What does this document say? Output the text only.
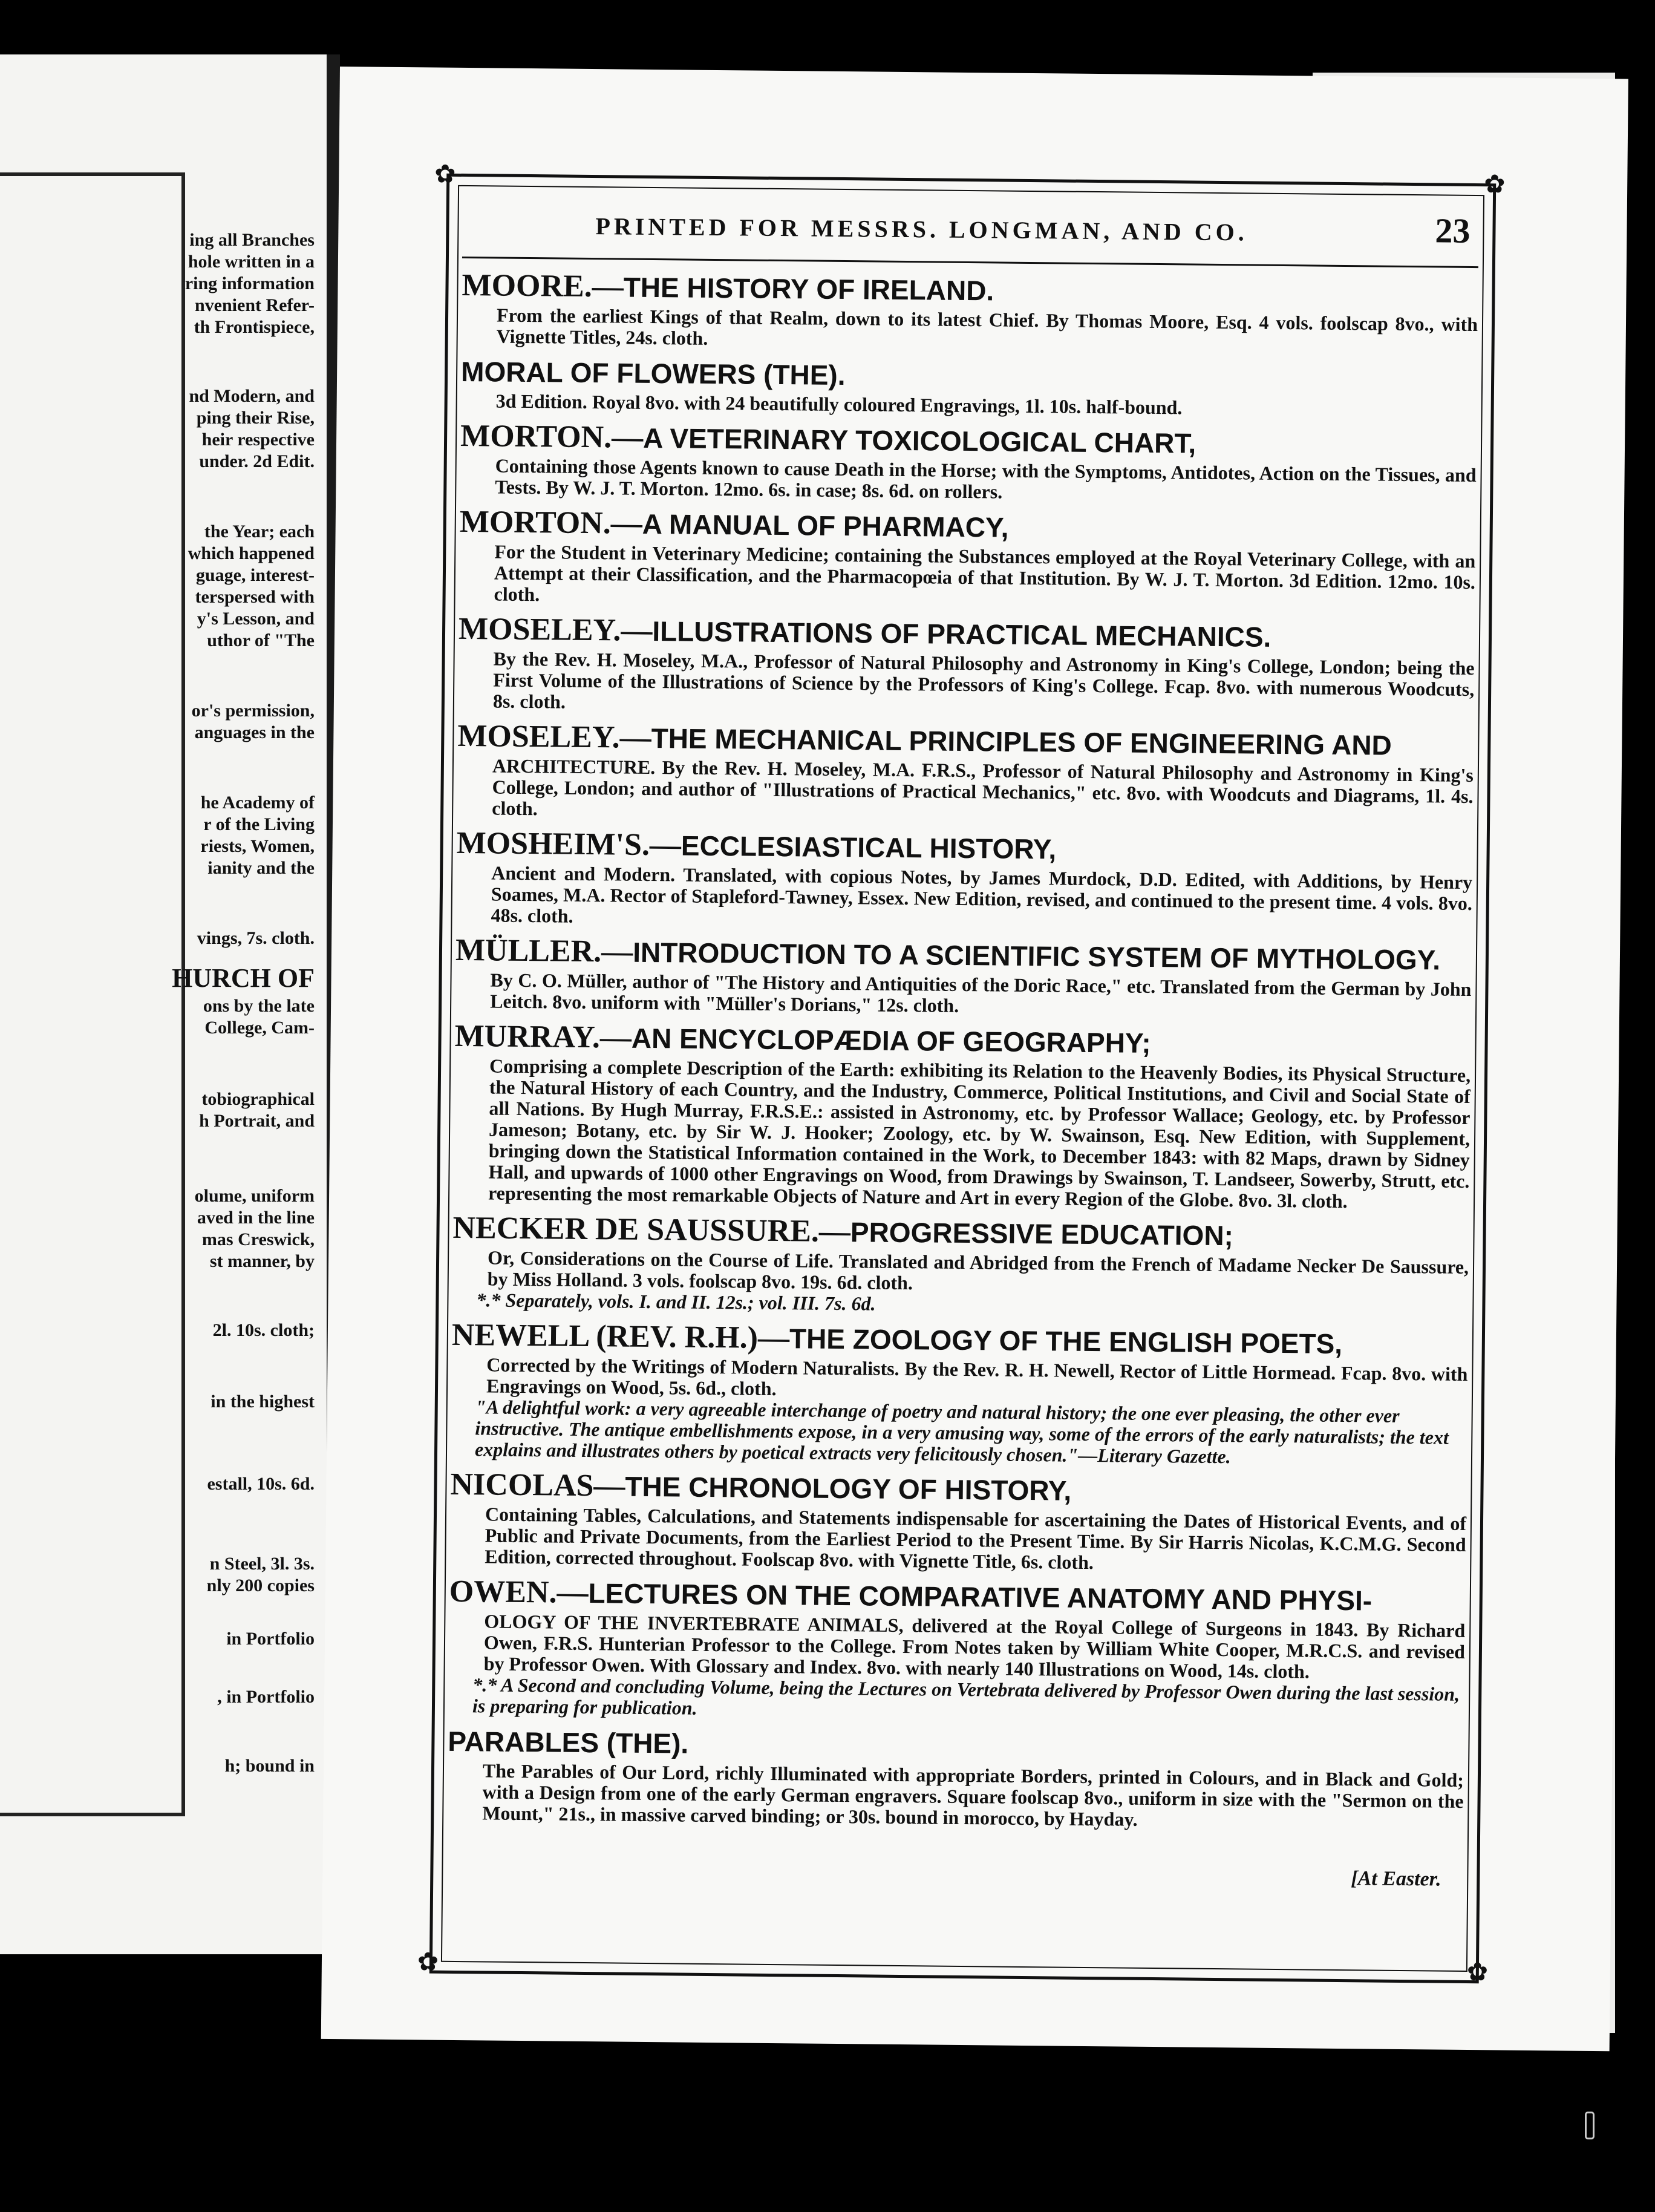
ing all Branches
hole written in a
ring information
nvenient Refer-
th Frontispiece,
nd Modern, and
ping their Rise,
heir respective
under. 2d Edit.
the Year; each
which happened
guage, interest-
terspersed with
y's Lesson, and
uthor of "The
or's permission,
anguages in the
he Academy of
r of the Living
riests, Women,
ianity and the
vings, 7s. cloth.
HURCH OF
ons by the late
College, Cam-
tobiographical
h Portrait, and
olume, uniform
aved in the line
mas Creswick,
st manner, by
2l. 10s. cloth;
in the highest
estall, 10s. 6d.
n Steel, 3l. 3s.
nly 200 copies
in Portfolio
, in Portfolio
h; bound in
✿	✿
✿	✿
PRINTED FOR MESSRS. LONGMAN, AND CO.	23
MOORE.—THE HISTORY OF IRELAND.
From the earliest Kings of that Realm, down to its latest Chief. By Thomas Moore, Esq. 4 vols. foolscap 8vo., with Vignette Titles, 24s. cloth.
MORAL OF FLOWERS (THE).
3d Edition. Royal 8vo. with 24 beautifully coloured Engravings, 1l. 10s. half-bound.
MORTON.—A VETERINARY TOXICOLOGICAL CHART,
Containing those Agents known to cause Death in the Horse; with the Symptoms, Antidotes, Action on the Tissues, and Tests. By W. J. T. Morton. 12mo. 6s. in case; 8s. 6d. on rollers.
MORTON.—A MANUAL OF PHARMACY,
For the Student in Veterinary Medicine; containing the Substances employed at the Royal Veterinary College, with an Attempt at their Classification, and the Pharmacopœia of that Institution. By W. J. T. Morton. 3d Edition. 12mo. 10s. cloth.
MOSELEY.—ILLUSTRATIONS OF PRACTICAL MECHANICS.
By the Rev. H. Moseley, M.A., Professor of Natural Philosophy and Astronomy in King's College, London; being the First Volume of the Illustrations of Science by the Professors of King's College. Fcap. 8vo. with numerous Woodcuts, 8s. cloth.
MOSELEY.—THE MECHANICAL PRINCIPLES OF ENGINEERING AND
ARCHITECTURE. By the Rev. H. Moseley, M.A. F.R.S., Professor of Natural Philosophy and Astronomy in King's College, London; and author of "Illustrations of Practical Mechanics," etc. 8vo. with Woodcuts and Diagrams, 1l. 4s. cloth.
MOSHEIM'S.—ECCLESIASTICAL HISTORY,
Ancient and Modern. Translated, with copious Notes, by James Murdock, D.D. Edited, with Additions, by Henry Soames, M.A. Rector of Stapleford-Tawney, Essex. New Edition, revised, and continued to the present time. 4 vols. 8vo. 48s. cloth.
MÜLLER.—INTRODUCTION TO A SCIENTIFIC SYSTEM OF MYTHOLOGY.
By C. O. Müller, author of "The History and Antiquities of the Doric Race," etc. Translated from the German by John Leitch. 8vo. uniform with "Müller's Dorians," 12s. cloth.
MURRAY.—AN ENCYCLOPÆDIA OF GEOGRAPHY;
Comprising a complete Description of the Earth: exhibiting its Relation to the Heavenly Bodies, its Physical Structure, the Natural History of each Country, and the Industry, Commerce, Political Institutions, and Civil and Social State of all Nations. By Hugh Murray, F.R.S.E.: assisted in Astronomy, etc. by Professor Wallace; Geology, etc. by Professor Jameson; Botany, etc. by Sir W. J. Hooker; Zoology, etc. by W. Swainson, Esq. New Edition, with Supplement, bringing down the Statistical Information contained in the Work, to December 1843: with 82 Maps, drawn by Sidney Hall, and upwards of 1000 other Engravings on Wood, from Drawings by Swainson, T. Landseer, Sowerby, Strutt, etc. representing the most remarkable Objects of Nature and Art in every Region of the Globe. 8vo. 3l. cloth.
NECKER DE SAUSSURE.—PROGRESSIVE EDUCATION;
Or, Considerations on the Course of Life. Translated and Abridged from the French of Madame Necker De Saussure, by Miss Holland. 3 vols. foolscap 8vo. 19s. 6d. cloth.
*.* Separately, vols. I. and II. 12s.; vol. III. 7s. 6d.
NEWELL (REV. R.H.)—THE ZOOLOGY OF THE ENGLISH POETS,
Corrected by the Writings of Modern Naturalists. By the Rev. R. H. Newell, Rector of Little Hormead. Fcap. 8vo. with Engravings on Wood, 5s. 6d., cloth.
"A delightful work: a very agreeable interchange of poetry and natural history; the one ever pleasing, the other ever instructive. The antique embellishments expose, in a very amusing way, some of the errors of the early naturalists; the text explains and illustrates others by poetical extracts very felicitously chosen."—Literary Gazette.
NICOLAS—THE CHRONOLOGY OF HISTORY,
Containing Tables, Calculations, and Statements indispensable for ascertaining the Dates of Historical Events, and of Public and Private Documents, from the Earliest Period to the Present Time. By Sir Harris Nicolas, K.C.M.G. Second Edition, corrected throughout. Foolscap 8vo. with Vignette Title, 6s. cloth.
OWEN.—LECTURES ON THE COMPARATIVE ANATOMY AND PHYSI-
OLOGY OF THE INVERTEBRATE ANIMALS, delivered at the Royal College of Surgeons in 1843. By Richard Owen, F.R.S. Hunterian Professor to the College. From Notes taken by William White Cooper, M.R.C.S. and revised by Professor Owen. With Glossary and Index. 8vo. with nearly 140 Illustrations on Wood, 14s. cloth.
*.* A Second and concluding Volume, being the Lectures on Vertebrata delivered by Professor Owen during the last session, is preparing for publication.
PARABLES (THE).
The Parables of Our Lord, richly Illuminated with appropriate Borders, printed in Colours, and in Black and Gold; with a Design from one of the early German engravers. Square foolscap 8vo., uniform in size with the "Sermon on the Mount," 21s., in massive carved binding; or 30s. bound in morocco, by Hayday.
[At Easter.
